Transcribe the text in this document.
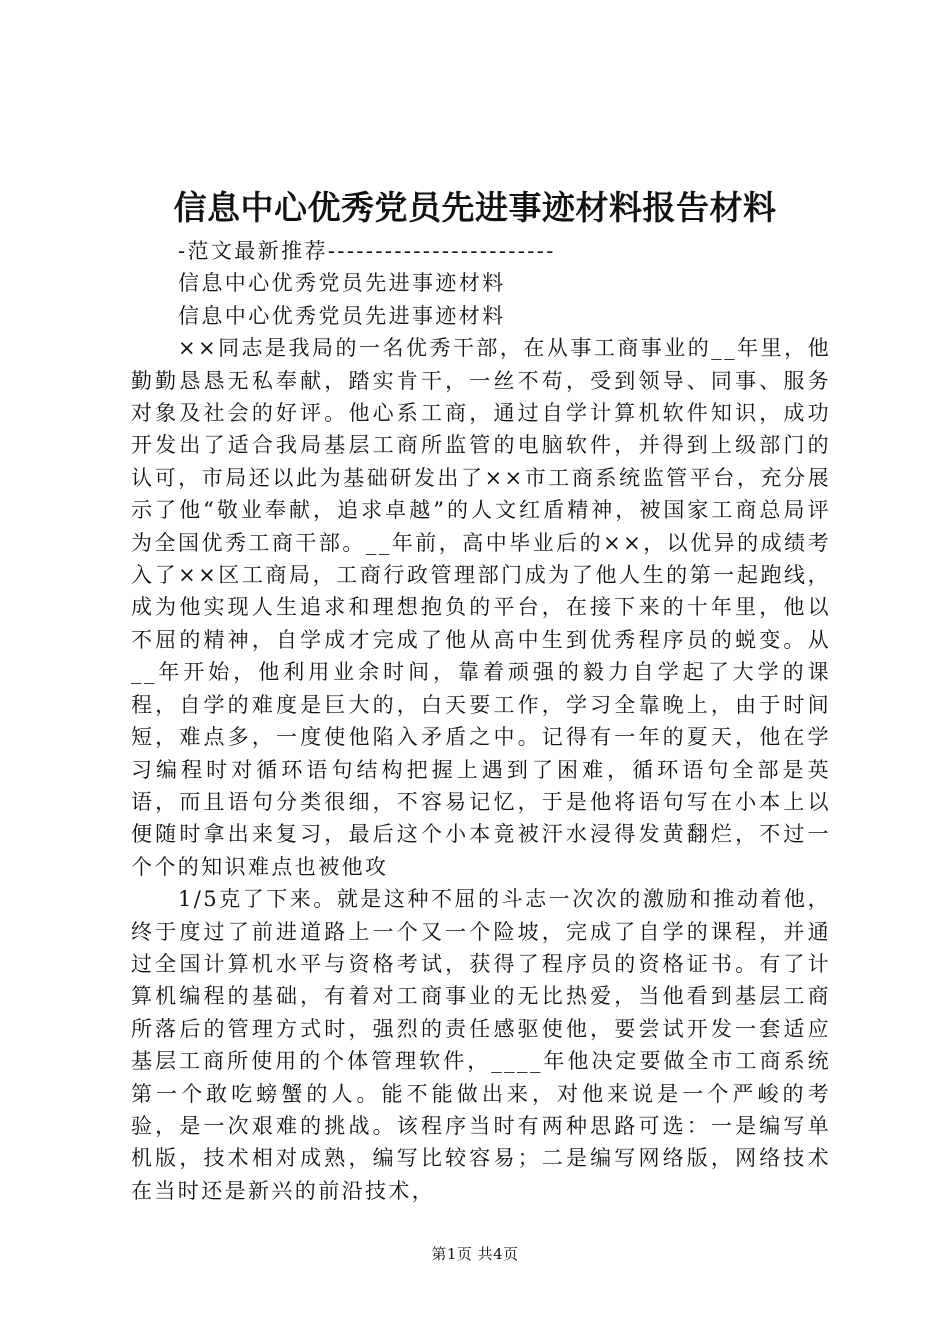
信息中心优秀党员先进事迹材料报告材料

-范文最新推荐------------------------

信息中心优秀党员先进事迹材料

信息中心优秀党员先进事迹材料

××同志是我局的一名优秀干部，在从事工商事业的__年里，他勤勤恳恳无私奉献，踏实肯干，一丝不苟，受到领导、同事、服务对象及社会的好评。他心系工商，通过自学计算机软件知识，成功开发出了适合我局基层工商所监管的电脑软件，并得到上级部门的认可，市局还以此为基础研发出了××市工商系统监管平台，充分展示了他“敬业奉献，追求卓越”的人文红盾精神，被国家工商总局评为全国优秀工商干部。__年前，高中毕业后的××，以优异的成绩考入了××区工商局，工商行政管理部门成为了他人生的第一起跑线，成为他实现人生追求和理想抱负的平台，在接下来的十年里，他以不屈的精神，自学成才完成了他从高中生到优秀程序员的蜕变。从__年开始，他利用业余时间，靠着顽强的毅力自学起了大学的课程，自学的难度是巨大的，白天要工作，学习全靠晚上，由于时间短，难点多，一度使他陷入矛盾之中。记得有一年的夏天，他在学习编程时对循环语句结构把握上遇到了困难，循环语句全部是英语，而且语句分类很细，不容易记忆，于是他将语句写在小本上以便随时拿出来复习，最后这个小本竟被汗水浸得发黄翻烂，不过一个个的知识难点也被他攻

1/5克了下来。就是这种不屈的斗志一次次的激励和推动着他，终于度过了前进道路上一个又一个险坡，完成了自学的课程，并通过全国计算机水平与资格考试，获得了程序员的资格证书。有了计算机编程的基础，有着对工商事业的无比热爱，当他看到基层工商所落后的管理方式时，强烈的责任感驱使他，要尝试开发一套适应基层工商所使用的个体管理软件，____年他决定要做全市工商系统第一个敢吃螃蟹的人。能不能做出来，对他来说是一个严峻的考验，是一次艰难的挑战。该程序当时有两种思路可选：一是编写单机版，技术相对成熟，编写比较容易；二是编写网络版，网络技术在当时还是新兴的前沿技术，

第1页 共4页
